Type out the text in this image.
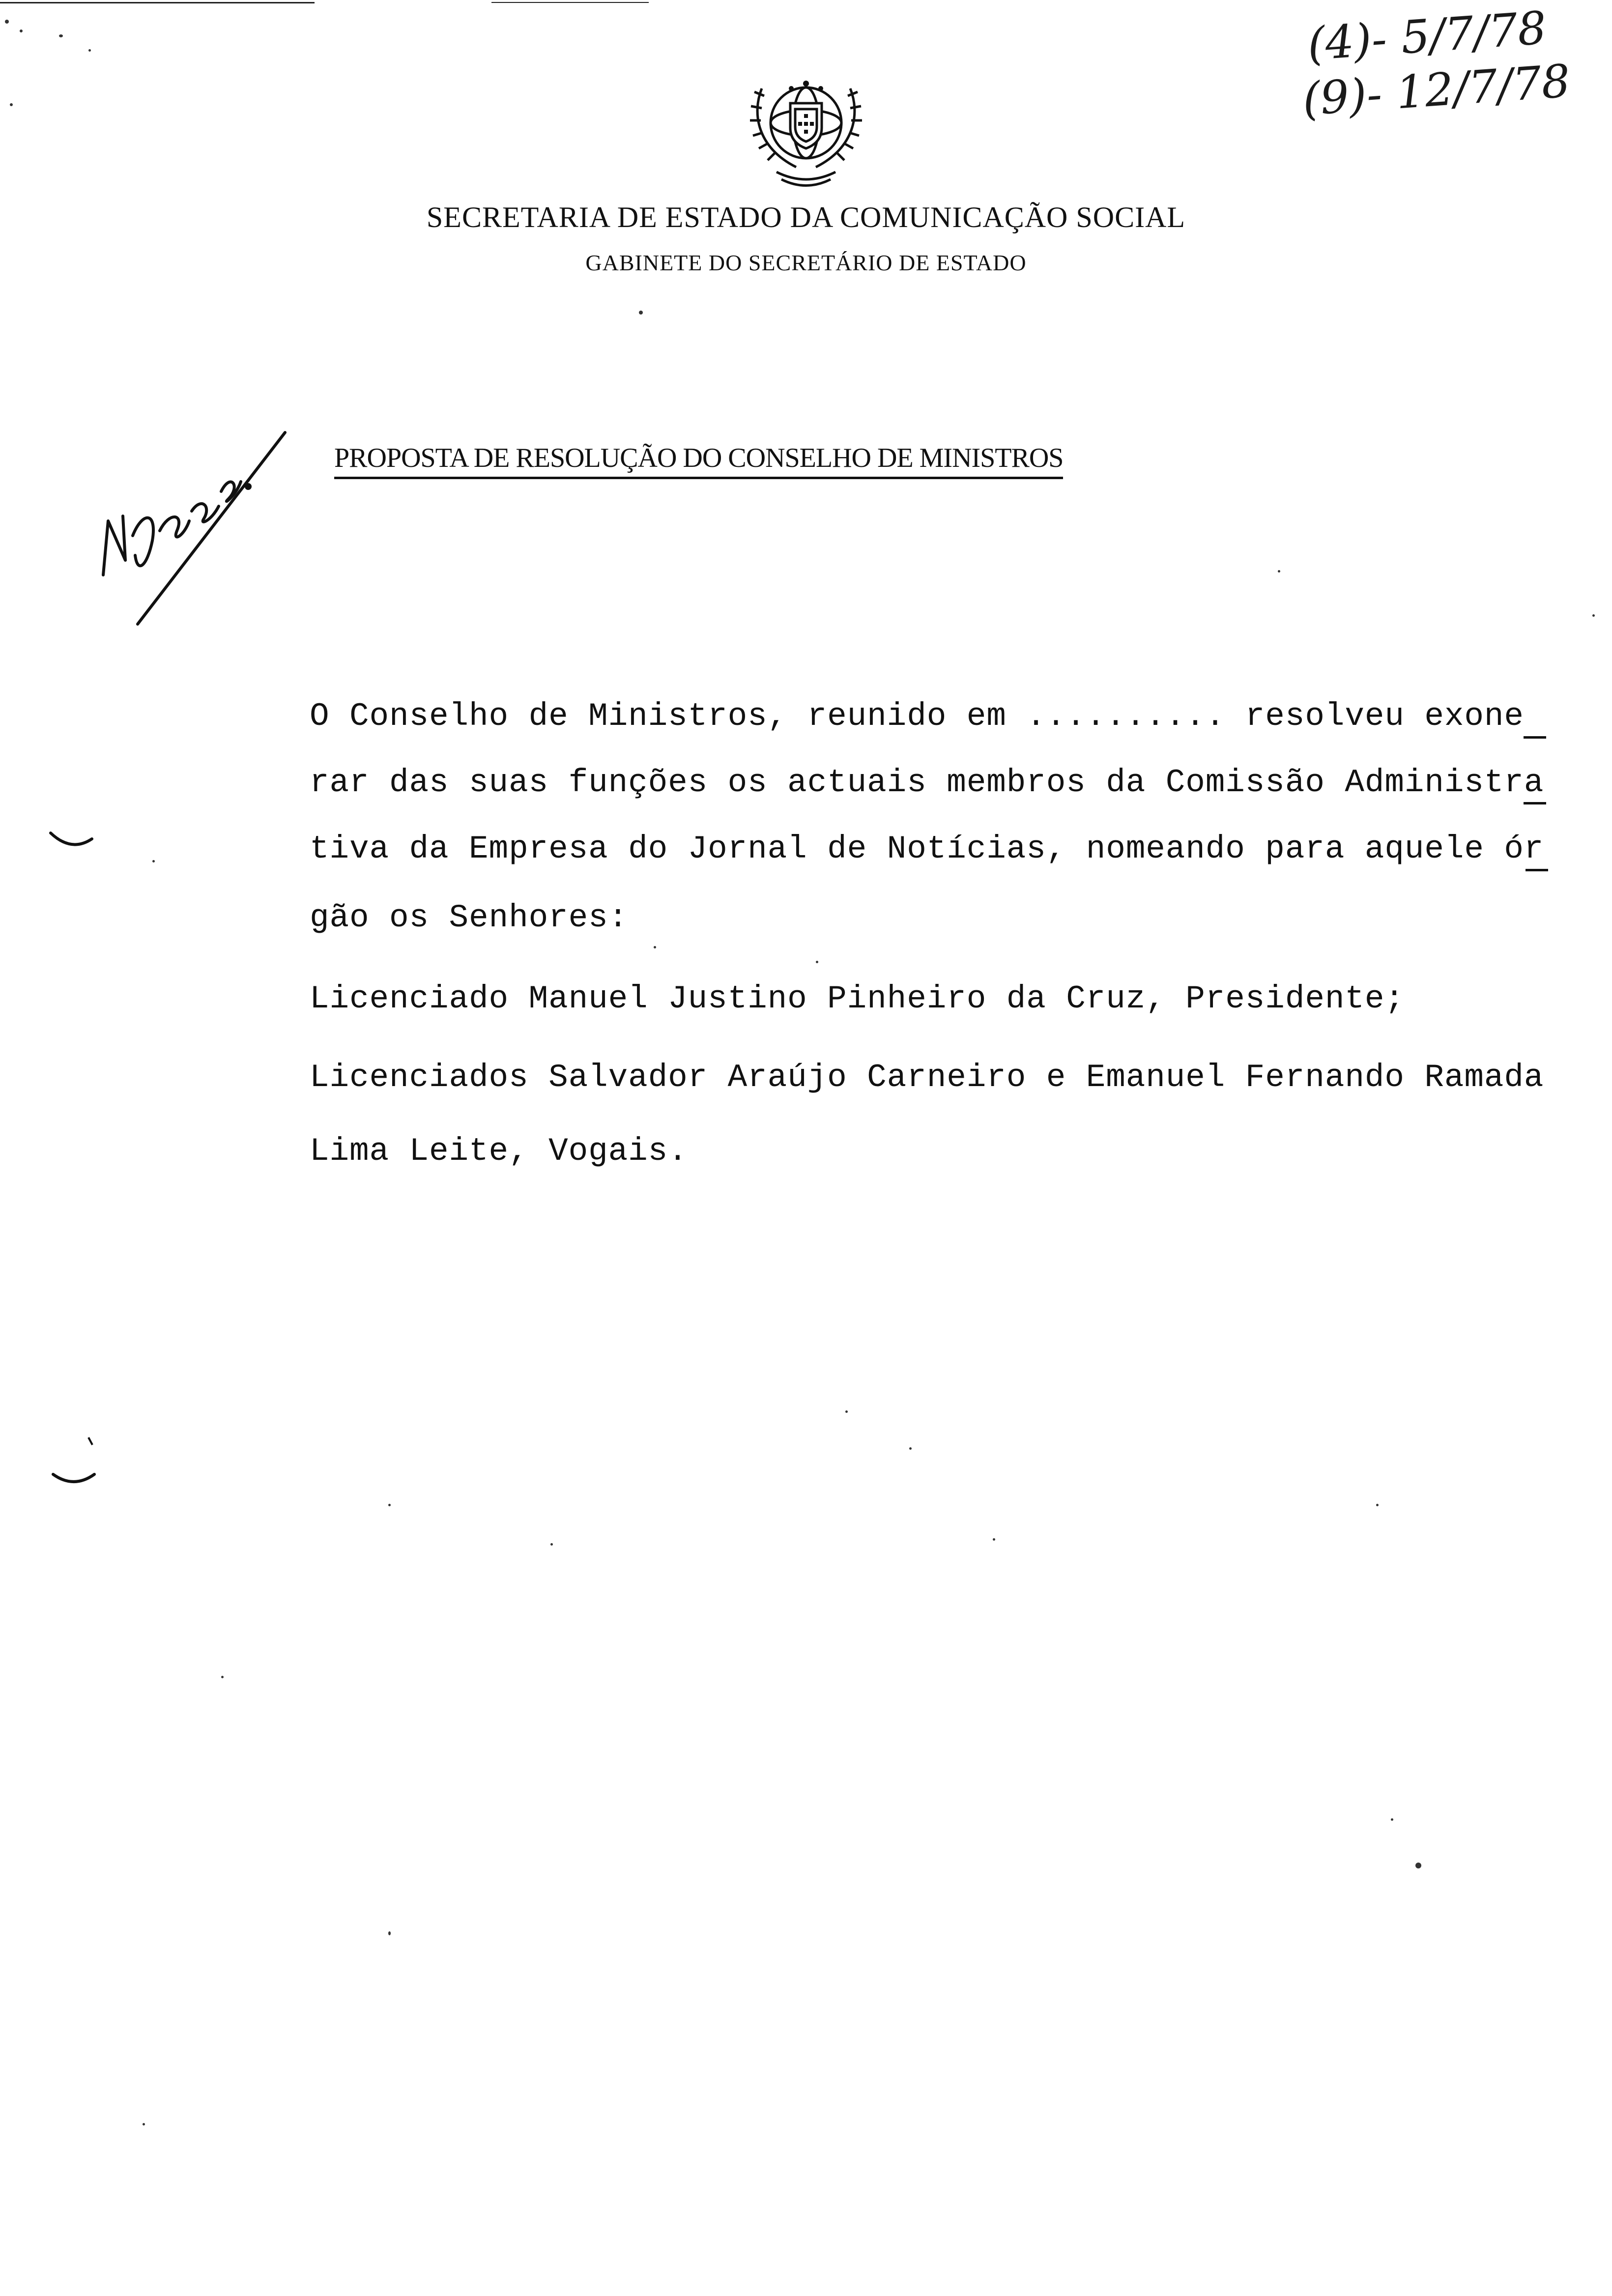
SECRETARIA DE ESTADO DA COMUNICAÇÃO SOCIAL
GABINETE DO SECRETÁRIO DE ESTADO
(4)- 5/7/78
(9)- 12/7/78
PROPOSTA DE RESOLUÇÃO DO CONSELHO DE MINISTROS
O Conselho de Ministros, reunido em .......... resolveu exone
rar das suas funções os actuais membros da Comissão Administra
tiva da Empresa do Jornal de Notícias, nomeando para aquele ór
gão os Senhores:
Licenciado Manuel Justino Pinheiro da Cruz, Presidente;
Licenciados Salvador Araújo Carneiro e Emanuel Fernando Ramada
Lima Leite, Vogais.
